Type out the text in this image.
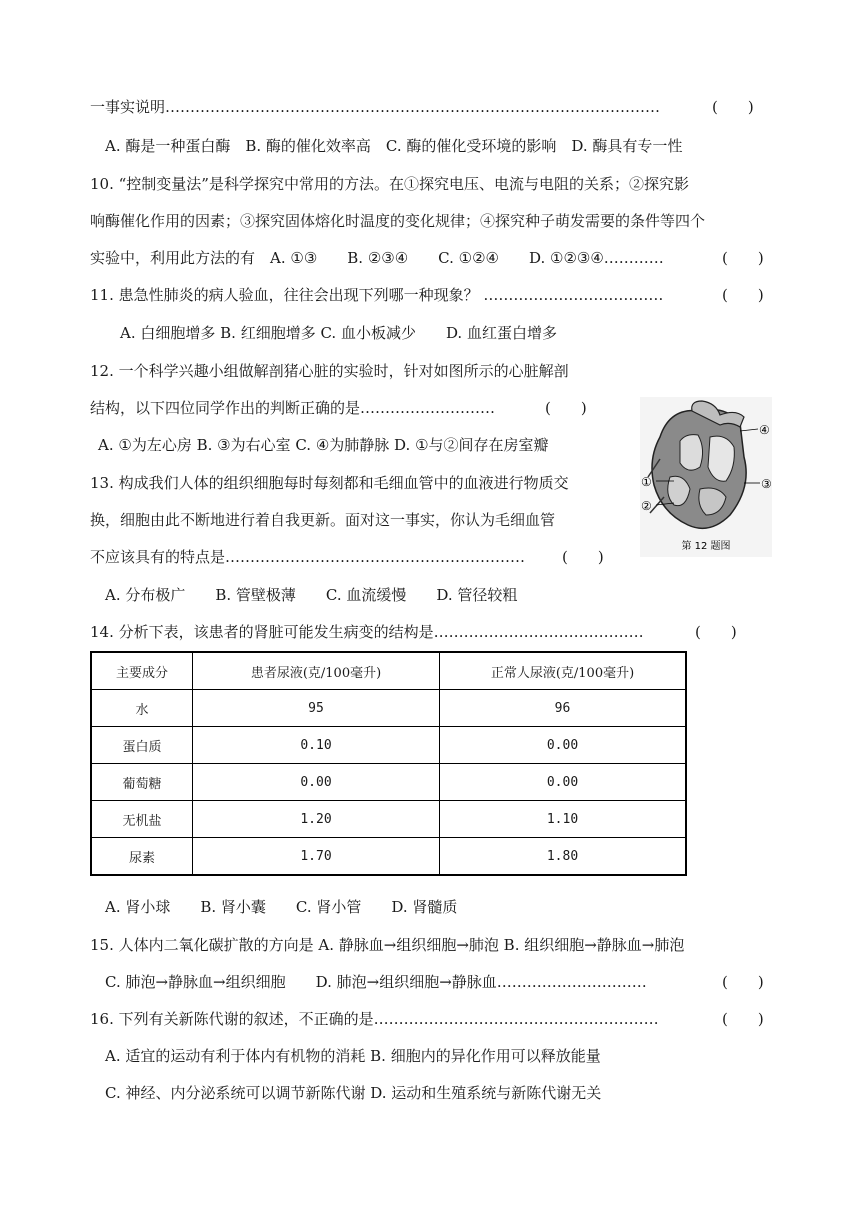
一事实说明………………………………………………………………………………………	(　　)
A. 酶是一种蛋白酶　B. 酶的催化效率高　C. 酶的催化受环境的影响　D. 酶具有专一性
10. “控制变量法”是科学探究中常用的方法。在①探究电压、电流与电阻的关系；②探究影
响酶催化作用的因素；③探究固体熔化时温度的变化规律；④探究种子萌发需要的条件等四个
实验中，利用此方法的有　A. ①③　　B. ②③④　　C. ①②④　　D. ①②③④…………	(　　)
11. 患急性肺炎的病人验血，往往会出现下列哪一种现象？ ………………………………	(　　)
A. 白细胞增多 B. 红细胞增多 C. 血小板减少　　D. 血红蛋白增多
12. 一个科学兴趣小组做解剖猪心脏的实验时，针对如图所示的心脏解剖
结构，以下四位同学作出的判断正确的是………………………	(　　)
A. ①为左心房 B. ③为右心室 C. ④为肺静脉 D. ①与②间存在房室瓣
13. 构成我们人体的组织细胞每时每刻都和毛细血管中的血液进行物质交
换，细胞由此不断地进行着自我更新。面对这一事实，你认为毛细血管
不应该具有的特点是…………………………………………………… (　　)
A. 分布极广　　B. 管壁极薄　　C. 血流缓慢　　D. 管径较粗
14. 分析下表，该患者的肾脏可能发生病变的结构是……………………………………	(　　)
主要成分	患者尿液(克/100毫升)	正常人尿液(克/100毫升)
水	95	96
蛋白质	0.10	0.00
葡萄糖	0.00	0.00
无机盐	1.20	1.10
尿素	1.70	1.80
A. 肾小球　　B. 肾小囊　　C. 肾小管　　D. 肾髓质
15. 人体内二氧化碳扩散的方向是 A. 静脉血→组织细胞→肺泡 B. 组织细胞→静脉血→肺泡
C. 肺泡→静脉血→组织细胞　　D. 肺泡→组织细胞→静脉血…………………………	(　　)
16. 下列有关新陈代谢的叙述，不正确的是…………………………………………………	(　　)
A. 适宜的运动有利于体内有机物的消耗 B. 细胞内的异化作用可以释放能量
C. 神经、内分泌系统可以调节新陈代谢 D. 运动和生殖系统与新陈代谢无关
④
①
②
③
第 12 题图
